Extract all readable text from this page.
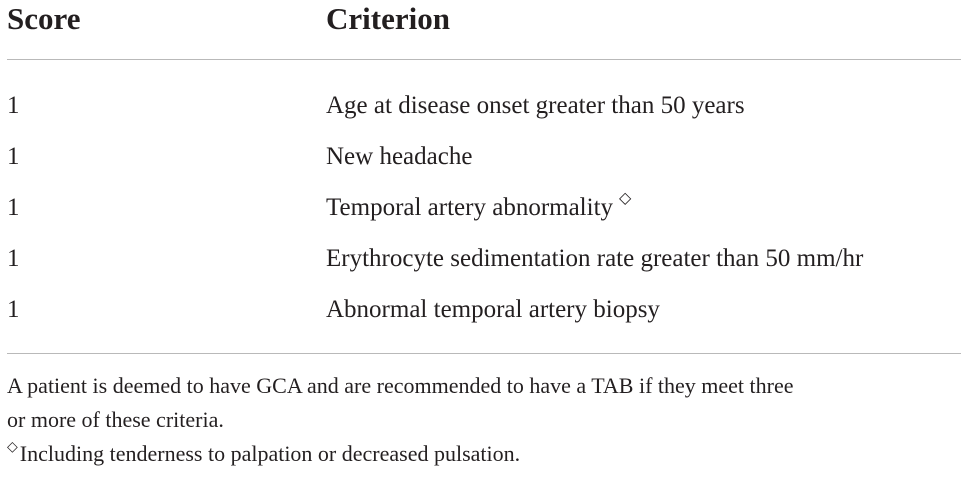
Score	Criterion
1	Age at disease onset greater than 50 years
1	New headache
1	Temporal artery abnormality ◇
1	Erythrocyte sedimentation rate greater than 50 mm/hr
1	Abnormal temporal artery biopsy
A patient is deemed to have GCA and are recommended to have a TAB if they meet three
or more of these criteria.
◇Including tenderness to palpation or decreased pulsation.
